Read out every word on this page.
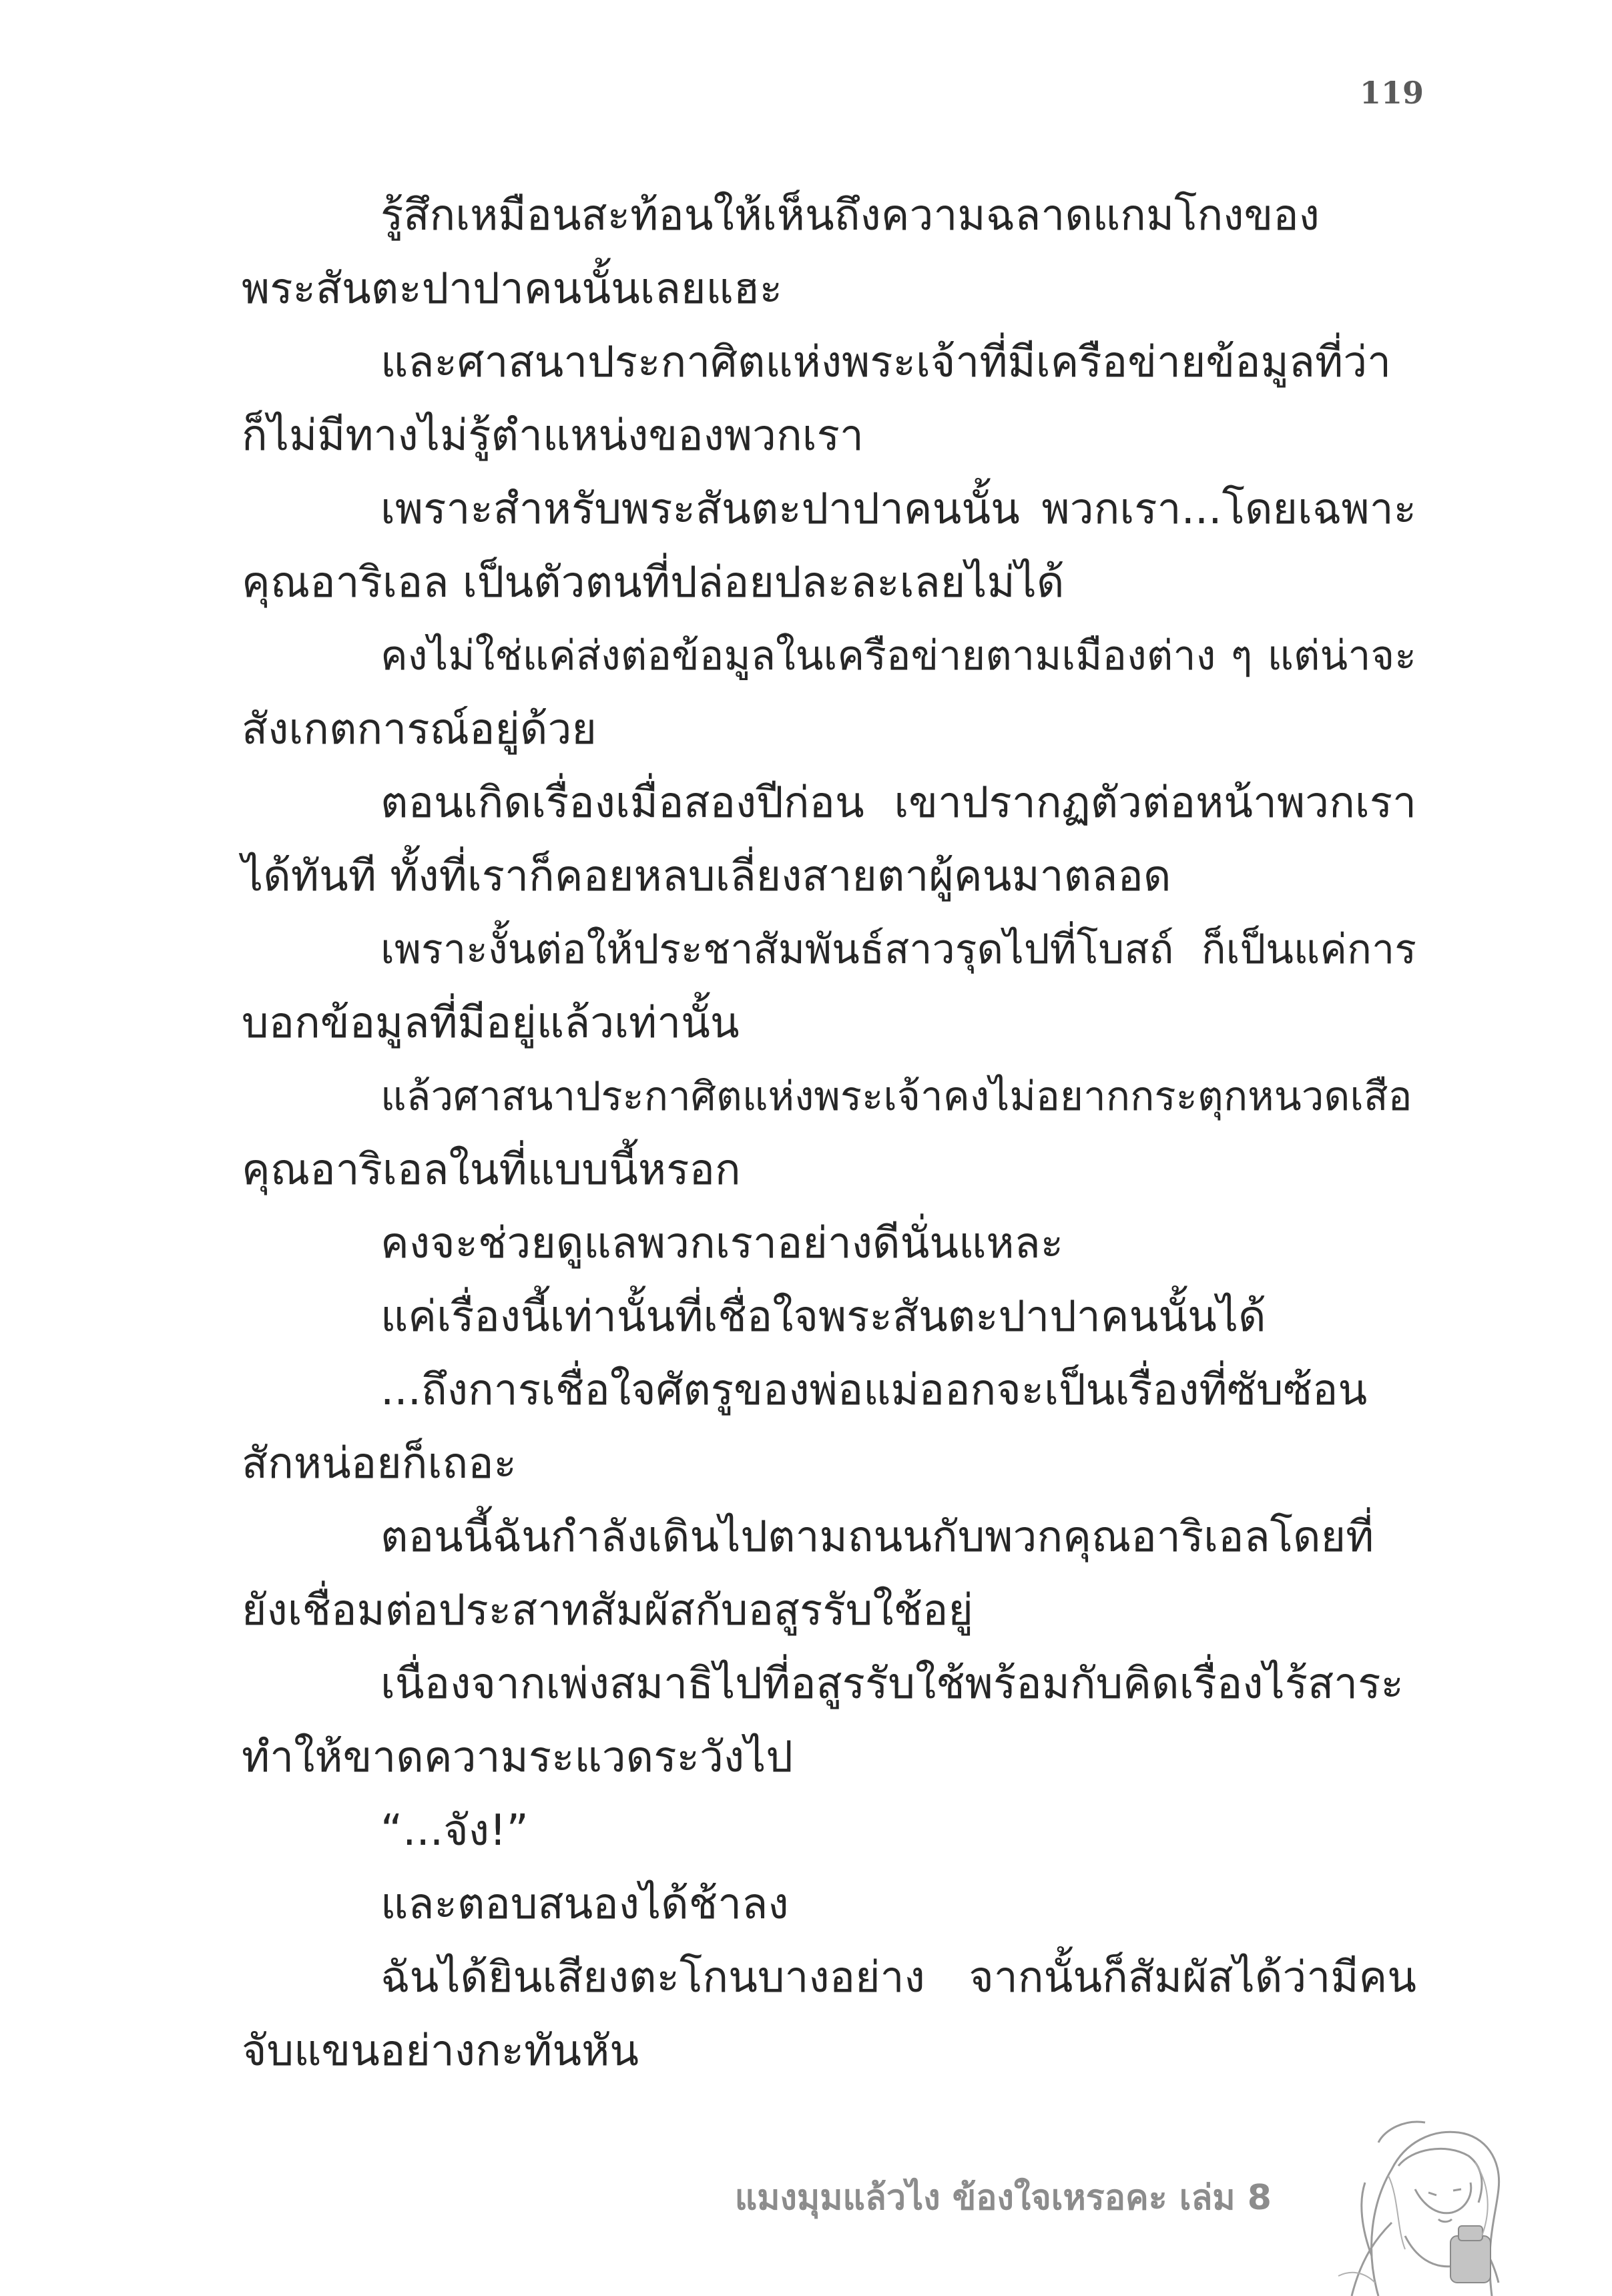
119
รู้สึกเหมือนสะท้อนให้เห็นถึงความฉลาดแกมโกงของ
พระสันตะปาปาคนนั้นเลยแฮะ
และศาสนาประกาศิตแห่งพระเจ้าที่มีเครือข่ายข้อมูลที่ว่า
ก็ไม่มีทางไม่รู้ตำแหน่งของพวกเรา
เพราะสำหรับพระสันตะปาปาคนนั้น พวกเรา...โดยเฉพาะ
คุณอาริเอล เป็นตัวตนที่ปล่อยปละละเลยไม่ได้
คงไม่ใช่แค่ส่งต่อข้อมูลในเครือข่ายตามเมืองต่าง ๆ แต่น่าจะ
สังเกตการณ์อยู่ด้วย
ตอนเกิดเรื่องเมื่อสองปีก่อน เขาปรากฏตัวต่อหน้าพวกเรา
ได้ทันที ทั้งที่เราก็คอยหลบเลี่ยงสายตาผู้คนมาตลอด
เพราะงั้นต่อให้ประชาสัมพันธ์สาวรุดไปที่โบสถ์ ก็เป็นแค่การ
บอกข้อมูลที่มีอยู่แล้วเท่านั้น
แล้วศาสนาประกาศิตแห่งพระเจ้าคงไม่อยากกระตุกหนวดเสือ
คุณอาริเอลในที่แบบนี้หรอก
คงจะช่วยดูแลพวกเราอย่างดีนั่นแหละ
แค่เรื่องนี้เท่านั้นที่เชื่อใจพระสันตะปาปาคนนั้นได้
...ถึงการเชื่อใจศัตรูของพ่อแม่ออกจะเป็นเรื่องที่ซับซ้อน
สักหน่อยก็เถอะ
ตอนนี้ฉันกำลังเดินไปตามถนนกับพวกคุณอาริเอลโดยที่
ยังเชื่อมต่อประสาทสัมผัสกับอสูรรับใช้อยู่
เนื่องจากเพ่งสมาธิไปที่อสูรรับใช้พร้อมกับคิดเรื่องไร้สาระ
ทำให้ขาดความระแวดระวังไป
“...จัง!”
และตอบสนองได้ช้าลง
ฉันได้ยินเสียงตะโกนบางอย่าง จากนั้นก็สัมผัสได้ว่ามีคน
จับแขนอย่างกะทันหัน
แมงมุมแล้วไง ข้องใจเหรอคะ เล่ม 8
